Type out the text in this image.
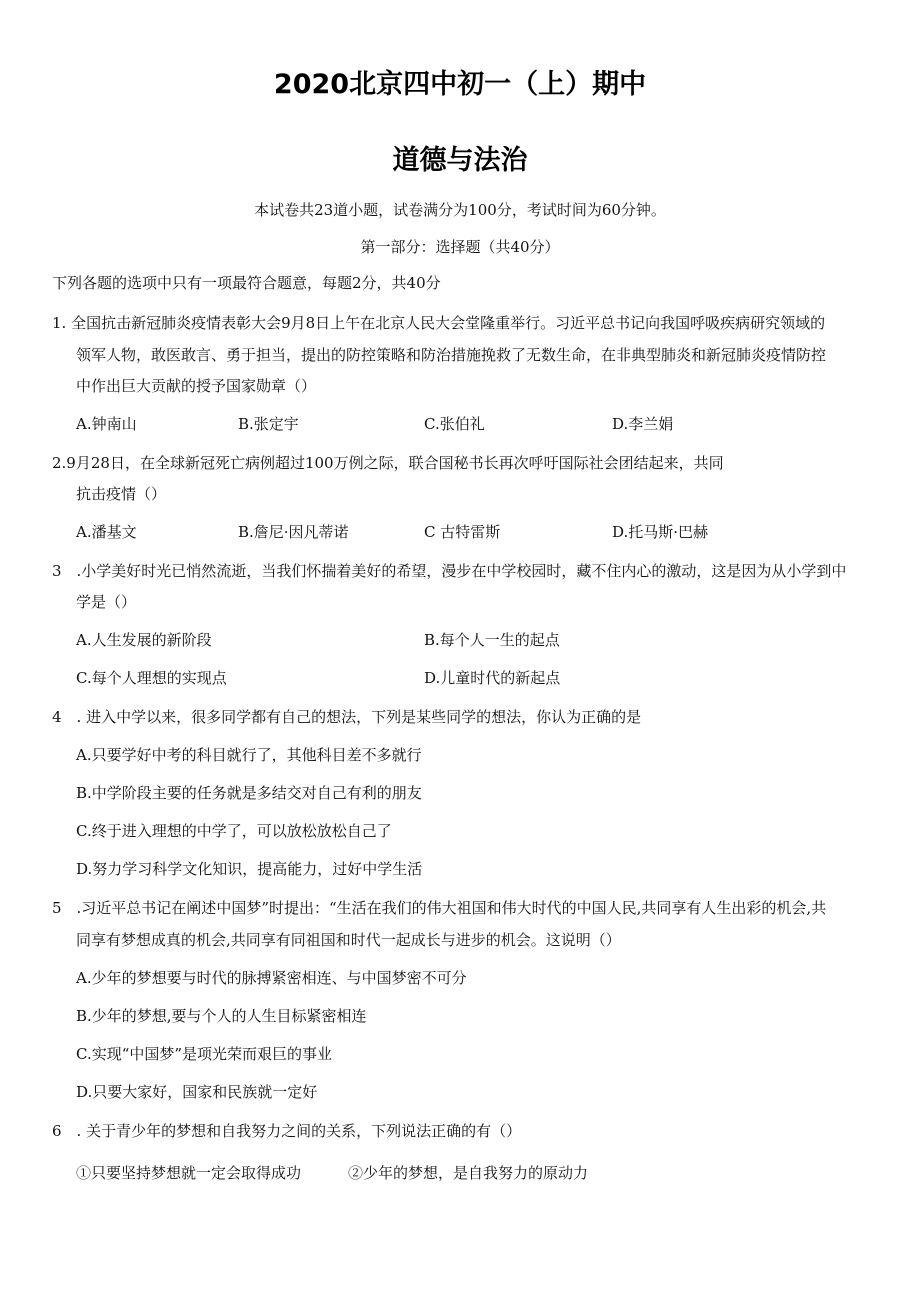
2020北京四中初一（上）期中
道德与法治
本试卷共23道小题，试卷满分为100分，考试时间为60分钟。
第一部分：选择题（共40分）
下列各题的选项中只有一项最符合题意，每题2分，共40分
1. 全国抗击新冠肺炎疫情表彰大会9月8日上午在北京人民大会堂隆重举行。习近平总书记向我国呼吸疾病研究领域的
领军人物，敢医敢言、勇于担当，提出的防控策略和防治措施挽救了无数生命，在非典型肺炎和新冠肺炎疫情防控
中作出巨大贡献的授予国家勋章（）
A.钟南山	B.张定宇	C.张伯礼	D.李兰娟
2.9月28日，在全球新冠死亡病例超过100万例之际，联合国秘书长再次呼吁国际社会团结起来，共同
抗击疫情（）
A.潘基文	B.詹尼·因凡蒂诺	C 古特雷斯	D.托马斯·巴赫
3　.小学美好时光已悄然流逝，当我们怀揣着美好的希望，漫步在中学校园时，藏不住内心的激动，这是因为从小学到中
学是（）
A.人生发展的新阶段	B.每个人一生的起点
C.每个人理想的实现点	D.儿童时代的新起点
4　. 进入中学以来，很多同学都有自己的想法，下列是某些同学的想法，你认为正确的是
A.只要学好中考的科目就行了，其他科目差不多就行
B.中学阶段主要的任务就是多结交对自己有利的朋友
C.终于进入理想的中学了，可以放松放松自己了
D.努力学习科学文化知识，提高能力，过好中学生活
5　.习近平总书记在阐述中国梦”时提出：“生活在我们的伟大祖国和伟大时代的中国人民,共同享有人生出彩的机会,共
同享有梦想成真的机会,共同享有同祖国和时代一起成长与进步的机会。这说明（）
A.少年的梦想要与时代的脉搏紧密相连、与中国梦密不可分
B.少年的梦想,要与个人的人生目标紧密相连
C.实现“中国梦”是项光荣而艰巨的事业
D.只要大家好，国家和民族就一定好
6　. 关于青少年的梦想和自我努力之间的关系，下列说法正确的有（）
①只要坚持梦想就一定会取得成功	②少年的梦想，是自我努力的原动力
